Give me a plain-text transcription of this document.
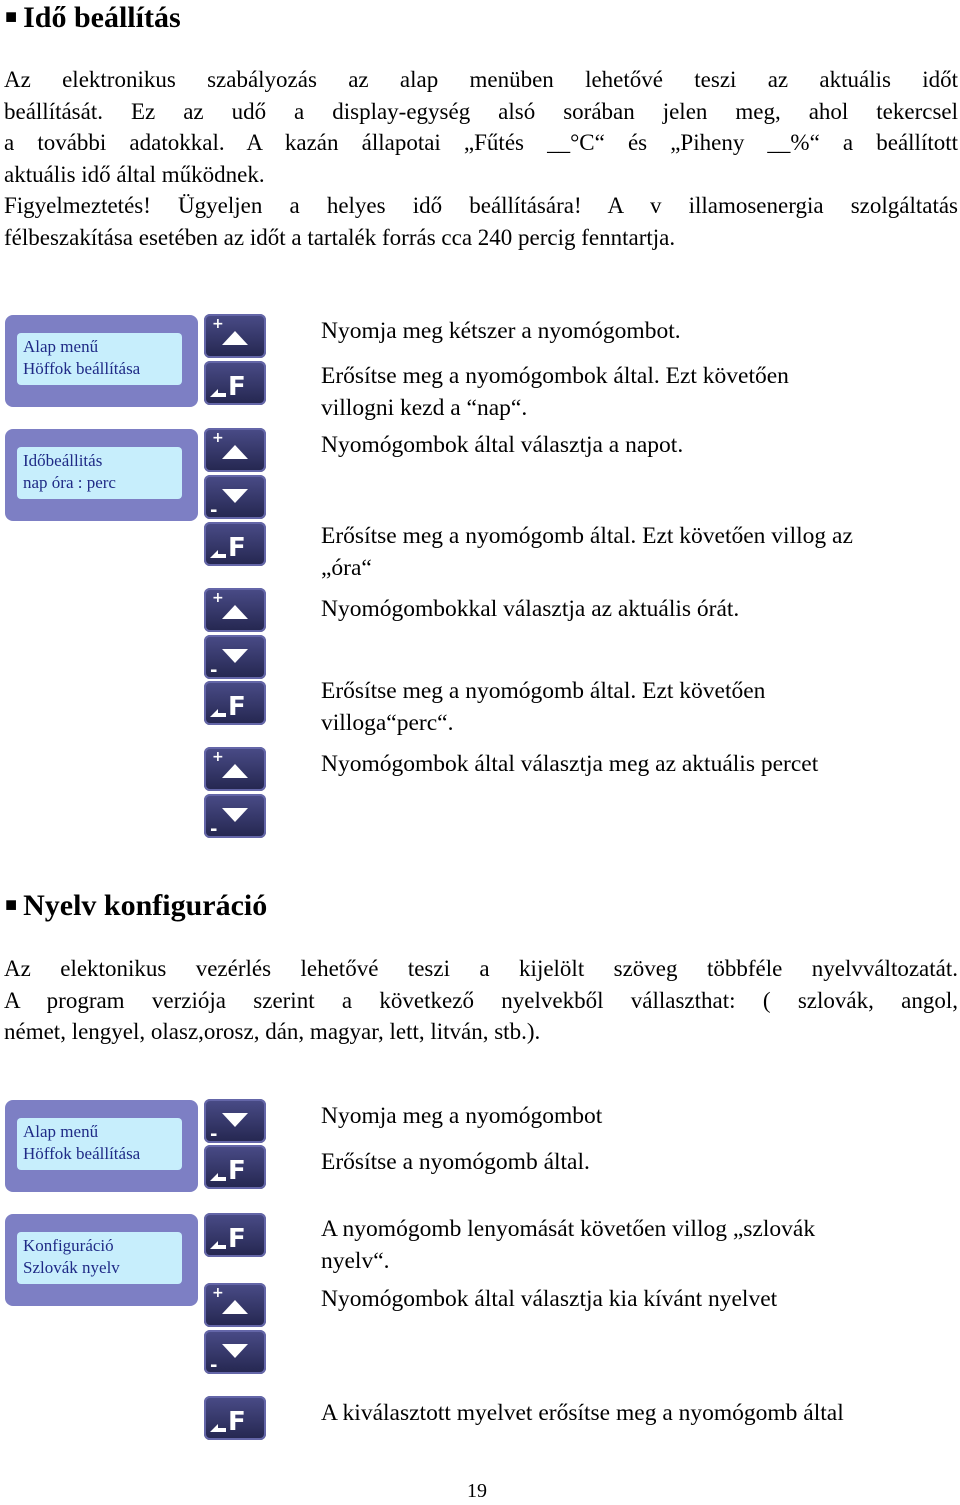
■ Idő beállítás
Az elektronikus szabályozás az alap menüben lehetővé teszi az aktuális időt
beállítását. Ez az udő a display-egység alsó sorában jelen meg, ahol tekercsel
a további adatokkal. A kazán állapotai „Fűtés __°C“ és „Piheny __%“ a beállított
aktuális idő által működnek.
Figyelmeztetés! Ügyeljen a helyes idő beállítására! A v illamosenergia szolgáltatás
félbeszakítása esetében az időt a tartalék forrás cca 240 percig fenntartja.
Alap menű
Höffok beállítása
Időbeállitás
nap óra : perc
+
F
+
-
F
+
-
F
+
-
Nyomja meg kétszer a nyomógombot.
Erősítse meg a nyomógombok által. Ezt követően
villogni kezd a “nap“.
Nyomógombok által választja a napot.
Erősítse meg a nyomógomb által. Ezt követően villog az
„óra“
Nyomógombokkal választja az aktuális órát.
Erősítse meg a nyomógomb által. Ezt követően
villoga“perc“.
Nyomógombok által választja meg az aktuális percet
■ Nyelv konfiguráció
Az elektonikus vezérlés lehetővé teszi a kijelölt szöveg többféle nyelvváltozatát.
A program verziója szerint a következő nyelvekből vállaszthat: ( szlovák, angol,
német, lengyel, olasz,orosz, dán, magyar, lett, litván, stb.).
Alap menű
Höffok beállítása
Konfiguráció
Szlovák nyelv
-
F
F
+
-
F
Nyomja meg a nyomógombot
Erősítse a nyomógomb által.
A nyomógomb lenyomását követően villog „szlovák
nyelv“.
Nyomógombok által választja kia kívánt nyelvet
A kiválasztott myelvet erősítse meg a nyomógomb által
19
